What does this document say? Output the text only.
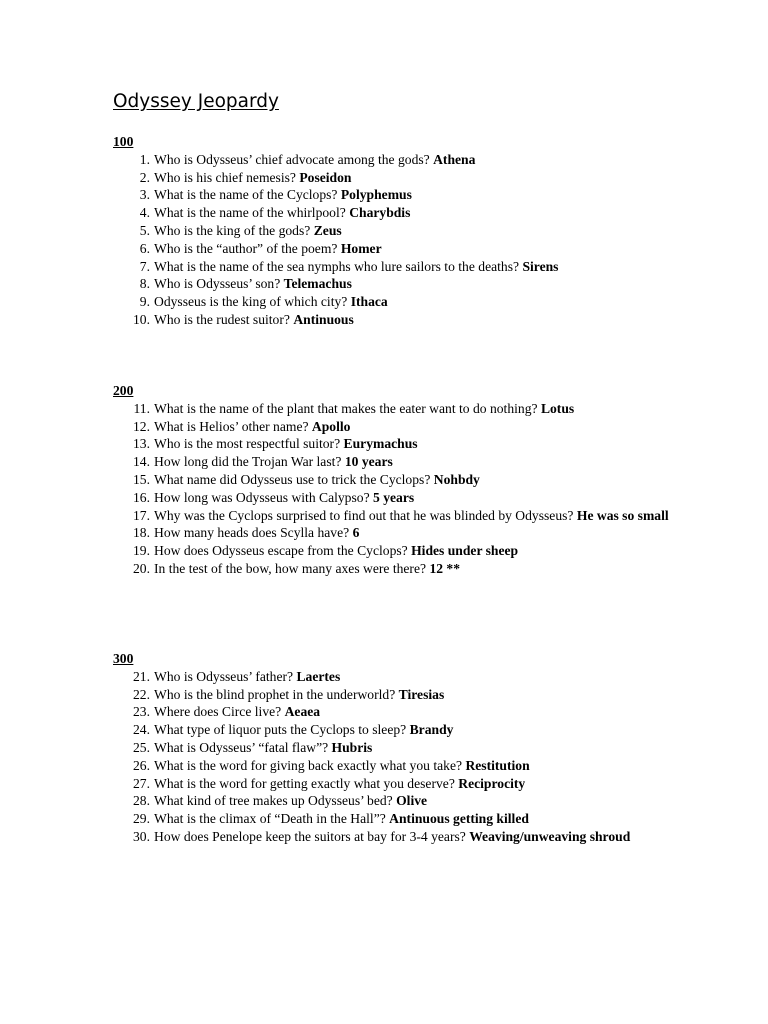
Odyssey Jeopardy
100
1. Who is Odysseus’ chief advocate among the gods? Athena
2. Who is his chief nemesis? Poseidon
3. What is the name of the Cyclops? Polyphemus
4. What is the name of the whirlpool? Charybdis
5. Who is the king of the gods? Zeus
6. Who is the “author” of the poem? Homer
7. What is the name of the sea nymphs who lure sailors to the deaths? Sirens
8. Who is Odysseus’ son? Telemachus
9. Odysseus is the king of which city? Ithaca
10. Who is the rudest suitor? Antinuous
200
11. What is the name of the plant that makes the eater want to do nothing? Lotus
12. What is Helios’ other name? Apollo
13. Who is the most respectful suitor? Eurymachus
14. How long did the Trojan War last? 10 years
15. What name did Odysseus use to trick the Cyclops? Nohbdy
16. How long was Odysseus with Calypso? 5 years
17. Why was the Cyclops surprised to find out that he was blinded by Odysseus? He was so small
18. How many heads does Scylla have? 6
19. How does Odysseus escape from the Cyclops? Hides under sheep
20. In the test of the bow, how many axes were there? 12 **
300
21. Who is Odysseus’ father? Laertes
22. Who is the blind prophet in the underworld? Tiresias
23. Where does Circe live? Aeaea
24. What type of liquor puts the Cyclops to sleep? Brandy
25. What is Odysseus’ “fatal flaw”? Hubris
26. What is the word for giving back exactly what you take? Restitution
27. What is the word for getting exactly what you deserve? Reciprocity
28. What kind of tree makes up Odysseus’ bed? Olive
29. What is the climax of “Death in the Hall”? Antinuous getting killed
30. How does Penelope keep the suitors at bay for 3-4 years? Weaving/unweaving shroud
